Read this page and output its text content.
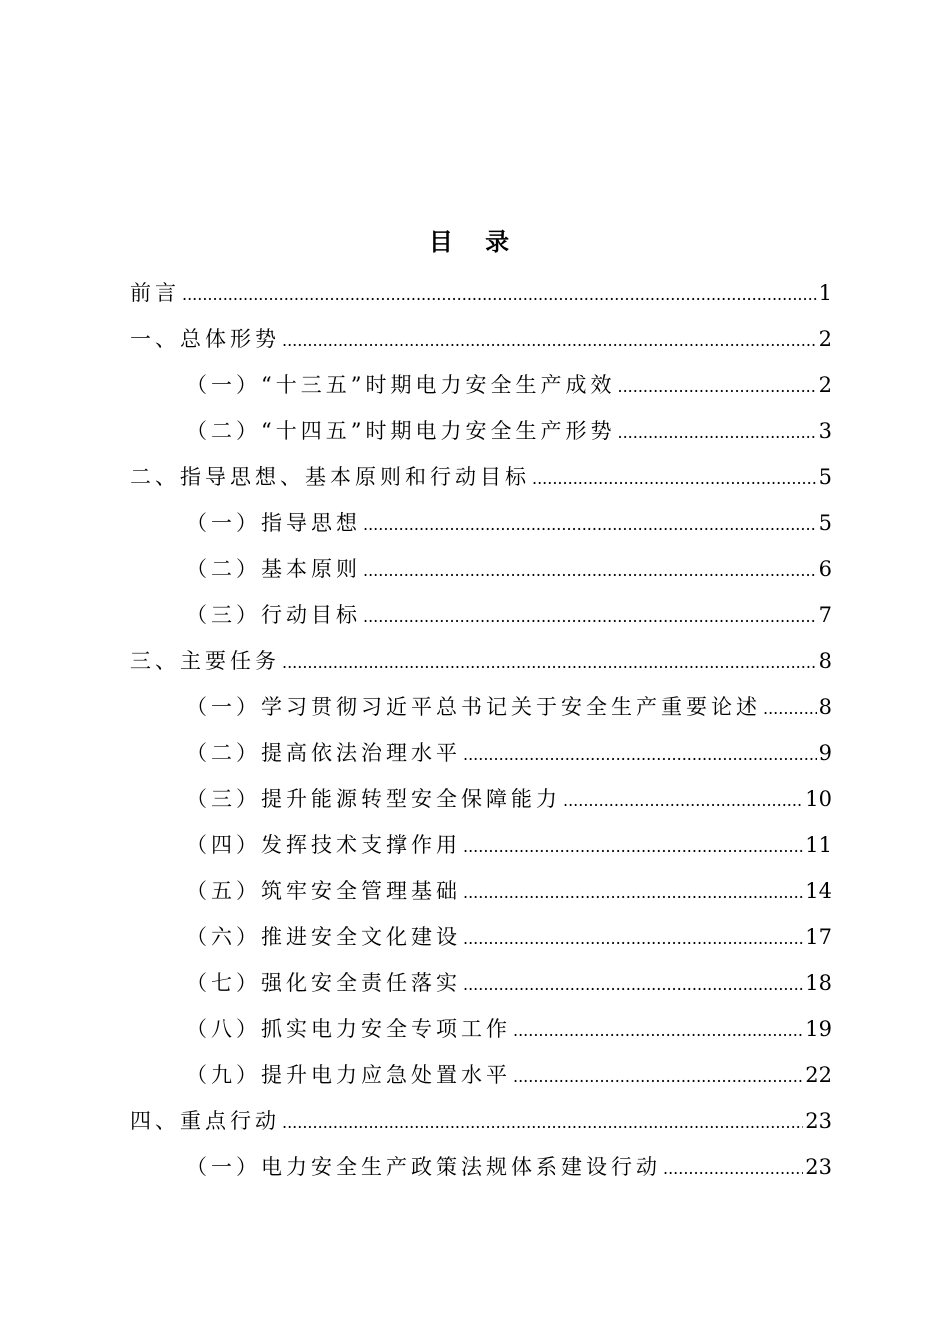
目 录
前言 .....	1
一、总体形势 .....	2
（一）“十三五”时期电力安全生产成效 .....	2
（二）“十四五”时期电力安全生产形势 .....	3
二、指导思想、基本原则和行动目标 .....	5
（一）指导思想 .....	5
（二）基本原则 .....	6
（三）行动目标 .....	7
三、主要任务 .....	8
（一）学习贯彻习近平总书记关于安全生产重要论述 .....	8
（二）提高依法治理水平 .....	9
（三）提升能源转型安全保障能力 .....	10
（四）发挥技术支撑作用 .....	11
（五）筑牢安全管理基础 .....	14
（六）推进安全文化建设 .....	17
（七）强化安全责任落实 .....	18
（八）抓实电力安全专项工作 .....	19
（九）提升电力应急处置水平 .....	22
四、重点行动 .....	23
（一）电力安全生产政策法规体系建设行动 .....	23
